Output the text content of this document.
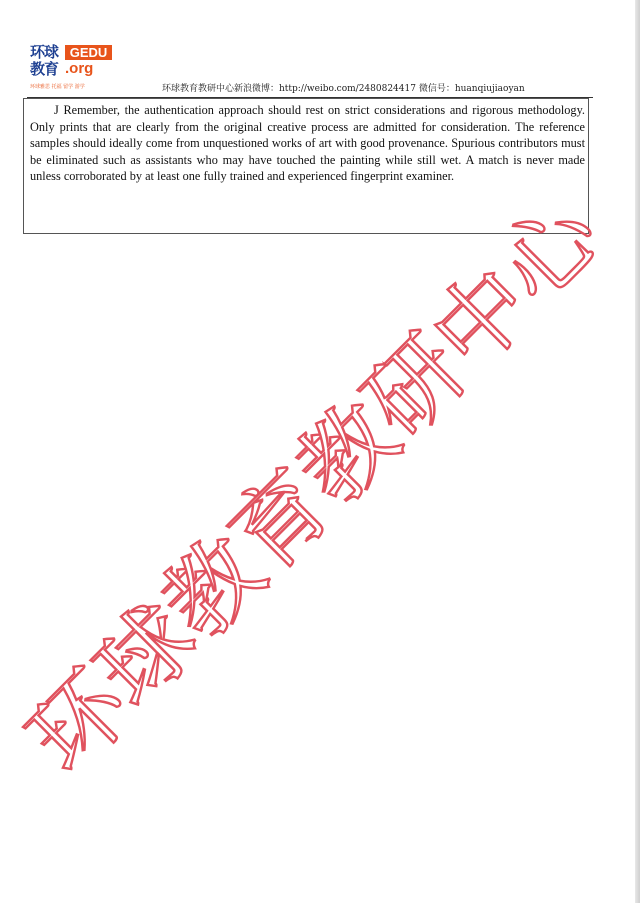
环球 GEDU
教育 .org
环球雅思 托福 留学 游学	环球教育教研中心新浪微博：http://weibo.com/2480824417 微信号：huanqiujiaoyan

J Remember, the authentication approach should rest on strict considerations and rigorous methodology. Only prints that are clearly from the original creative process are admitted for consideration. The reference samples should ideally come from unquestioned works of art with good provenance. Spurious contributors must be eliminated such as assistants who may have touched the painting while still wet. A match is never made unless corroborated by at least one fully trained and experienced fingerprint examiner.

环球教育教研中心
